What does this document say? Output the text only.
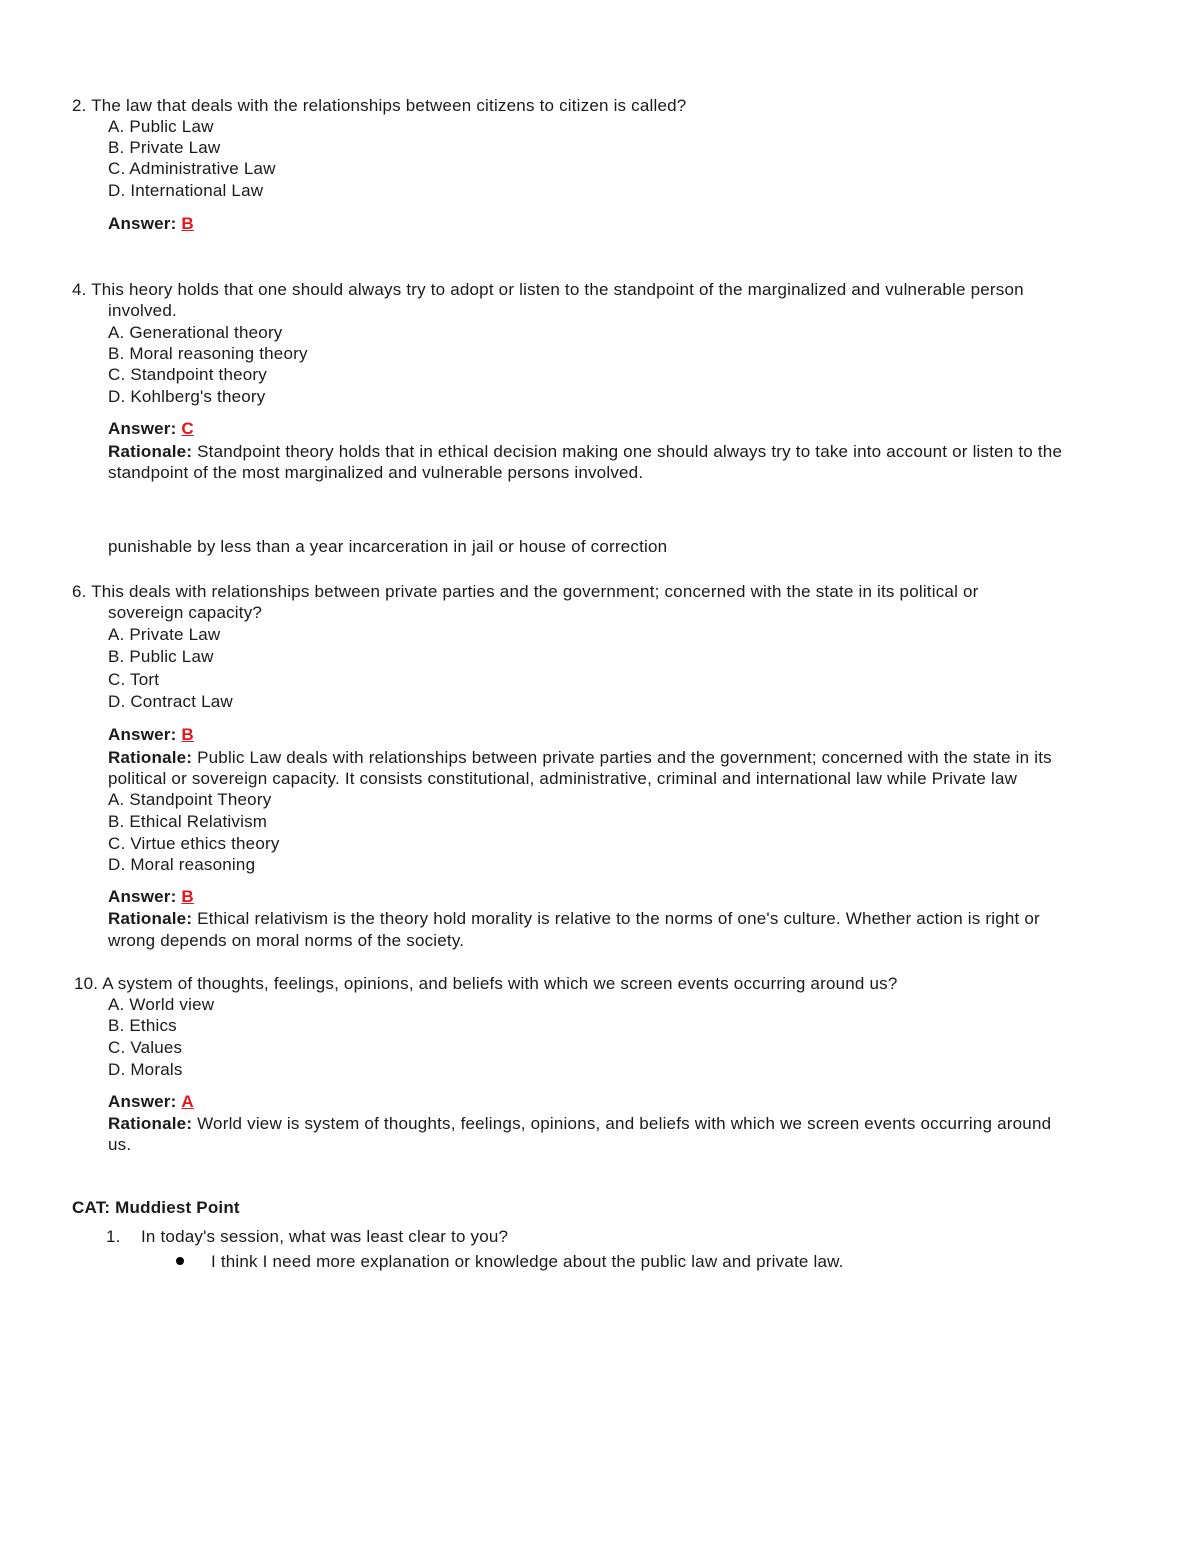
2. The law that deals with the relationships between citizens to citizen is called?
A. Public Law
B. Private Law
C. Administrative Law
D. International Law
Answer: B
4. This heory holds that one should always try to adopt or listen to the standpoint of the marginalized and vulnerable person
involved.
A. Generational theory
B. Moral reasoning theory
C. Standpoint theory
D. Kohlberg's theory
Answer: C
Rationale: Standpoint theory holds that in ethical decision making one should always try to take into account or listen to the
standpoint of the most marginalized and vulnerable persons involved.
punishable by less than a year incarceration in jail or house of correction
6. This deals with relationships between private parties and the government; concerned with the state in its political or
sovereign capacity?
A. Private Law
B. Public Law
C. Tort
D. Contract Law
Answer: B
Rationale: Public Law deals with relationships between private parties and the government; concerned with the state in its
political or sovereign capacity. It consists constitutional, administrative, criminal and international law while Private law
A. Standpoint Theory
B. Ethical Relativism
C. Virtue ethics theory
D. Moral reasoning
Answer: B
Rationale: Ethical relativism is the theory hold morality is relative to the norms of one's culture. Whether action is right or
wrong depends on moral norms of the society.
10. A system of thoughts, feelings, opinions, and beliefs with which we screen events occurring around us?
A. World view
B. Ethics
C. Values
D. Morals
Answer: A
Rationale: World view is system of thoughts, feelings, opinions, and beliefs with which we screen events occurring around
us.
CAT: Muddiest Point
1. In today's session, what was least clear to you?
I think I need more explanation or knowledge about the public law and private law.
